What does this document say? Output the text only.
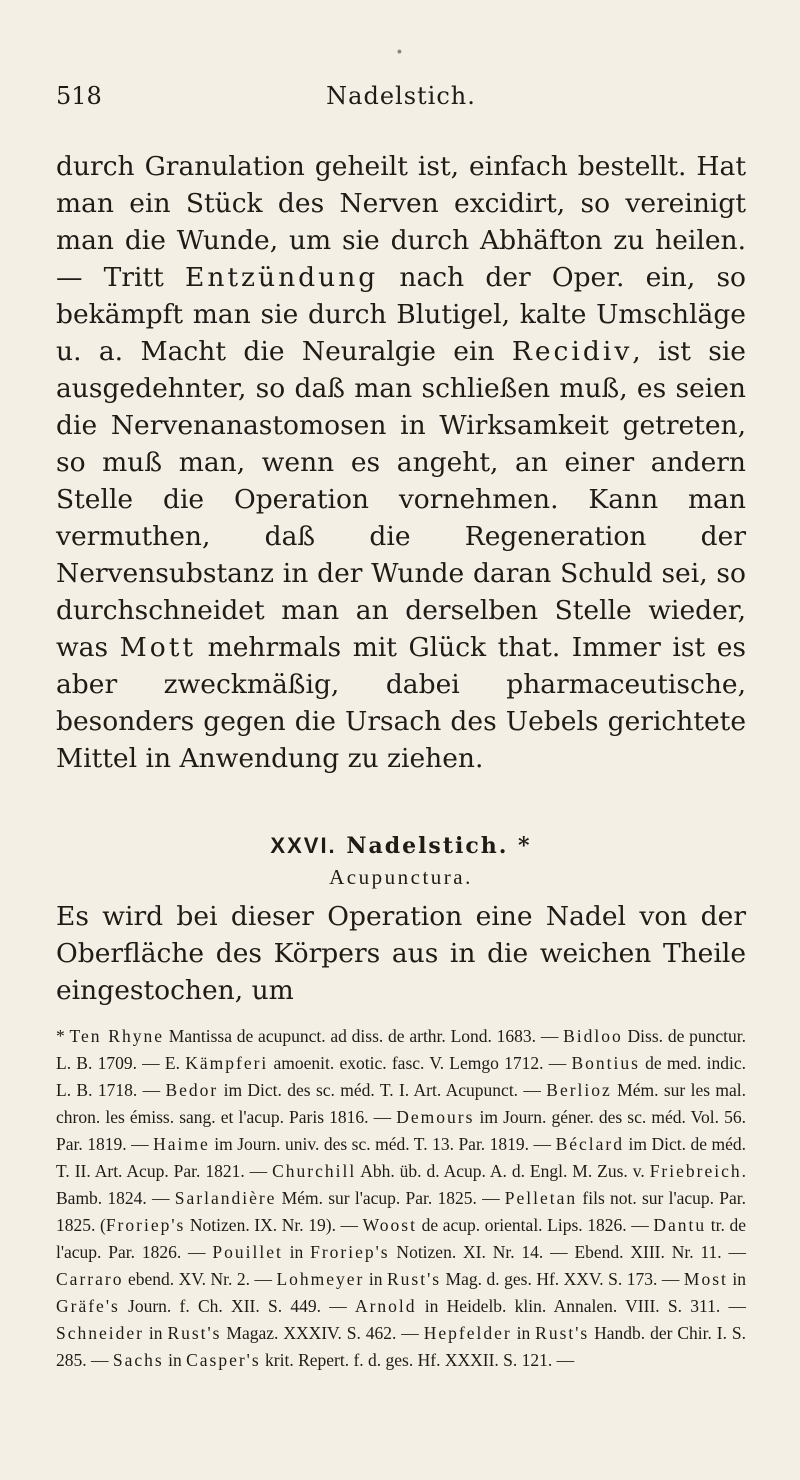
518	Nadelstich.
durch Granulation geheilt ist, einfach bestellt. Hat man ein Stück des Nerven excidirt, so vereinigt man die Wunde, um sie durch Abhäfton zu heilen. — Tritt Entzündung nach der Oper. ein, so bekämpft man sie durch Blutigel, kalte Umschläge u. a. Macht die Neuralgie ein Recidiv, ist sie ausgedehnter, so daß man schließen muß, es seien die Nervenanastomosen in Wirksamkeit getreten, so muß man, wenn es angeht, an einer andern Stelle die Operation vornehmen. Kann man vermuthen, daß die Regeneration der Nervensubstanz in der Wunde daran Schuld sei, so durchschneidet man an derselben Stelle wieder, was Mott mehrmals mit Glück that. Immer ist es aber zweckmäßig, dabei pharmaceutische, besonders gegen die Ursach des Uebels gerichtete Mittel in Anwendung zu ziehen.
XXVI. Nadelstich. *
Acupunctura.
Es wird bei dieser Operation eine Nadel von der Oberfläche des Körpers aus in die weichen Theile eingestochen, um
* Ten Rhyne Mantissa de acupunct. ad diss. de arthr. Lond. 1683. — Bidloo Diss. de punctur. L. B. 1709. — E. Kämpferi amoenit. exotic. fasc. V. Lemgo 1712. — Bontius de med. indic. L. B. 1718. — Bedor im Dict. des sc. méd. T. I. Art. Acupunct. — Berlioz Mém. sur les mal. chron. les émiss. sang. et l'acup. Paris 1816. — Demours im Journ. géner. des sc. méd. Vol. 56. Par. 1819. — Haime im Journ. univ. des sc. méd. T. 13. Par. 1819. — Béclard im Dict. de méd. T. II. Art. Acup. Par. 1821. — Churchill Abh. üb. d. Acup. A. d. Engl. M. Zus. v. Friebreich. Bamb. 1824. — Sarlandière Mém. sur l'acup. Par. 1825. — Pelletan fils not. sur l'acup. Par. 1825. (Froriep's Notizen. IX. Nr. 19). — Woost de acup. oriental. Lips. 1826. — Dantu tr. de l'acup. Par. 1826. — Pouillet in Froriep's Notizen. XI. Nr. 14. — Ebend. XIII. Nr. 11. — Carraro ebend. XV. Nr. 2. — Lohmeyer in Rust's Mag. d. ges. Hf. XXV. S. 173. — Most in Gräfe's Journ. f. Ch. XII. S. 449. — Arnold in Heidelb. klin. Annalen. VIII. S. 311. — Schneider in Rust's Magaz. XXXIV. S. 462. — Hepfelder in Rust's Handb. der Chir. I. S. 285. — Sachs in Casper's krit. Repert. f. d. ges. Hf. XXXII. S. 121. —
∙
